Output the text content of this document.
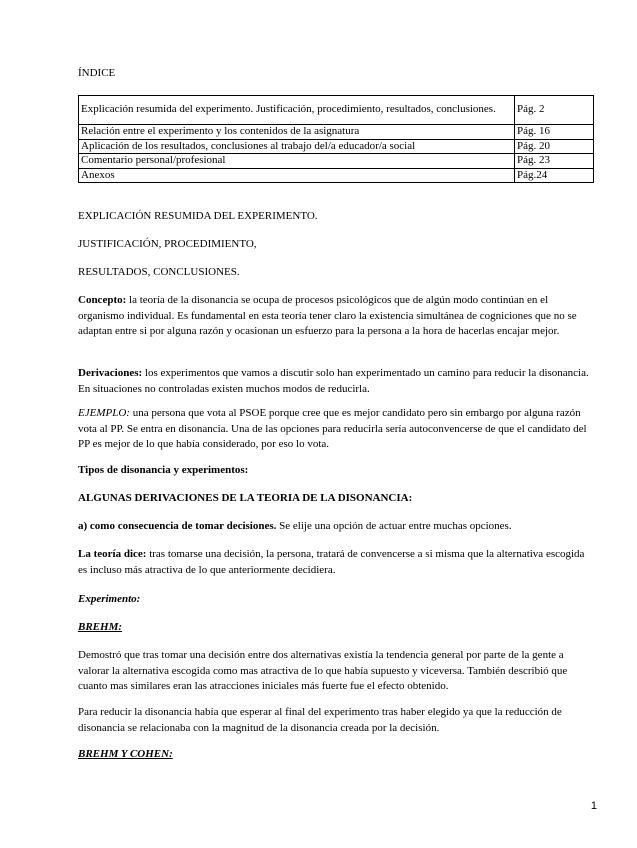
ÍNDICE

Explicación resumida del experimento. Justificación, procedimiento, resultados, conclusiones.	Pág. 2
Relación entre el experimento y los contenidos de la asignatura	Pág. 16
Aplicación de los resultados, conclusiones al trabajo del/a educador/a social	Pág. 20
Comentario personal/profesional	Pág. 23
Anexos	Pág.24

EXPLICACIÓN RESUMIDA DEL EXPERIMENTO.

JUSTIFICACIÓN, PROCEDIMIENTO,

RESULTADOS, CONCLUSIONES.

Concepto: la teoría de la disonancia se ocupa de procesos psicológicos que de algún modo continúan en el organismo individual. Es fundamental en esta teoría tener claro la existencia simultánea de cogniciones que no se adaptan entre si por alguna razón y ocasionan un esfuerzo para la persona a la hora de hacerlas encajar mejor.

Derivaciones: los experimentos que vamos a discutir solo han experimentado un camino para reducir la disonancia. En situaciones no controladas existen muchos modos de reducirla.

EJEMPLO: una persona que vota al PSOE porque cree que es mejor candidato pero sin embargo por alguna razón vota al PP. Se entra en disonancia. Una de las opciones para reducirla sería autoconvencerse de que el candidato del PP es mejor de lo que había considerado, por eso lo vota.

Tipos de disonancia y experimentos:

ALGUNAS DERIVACIONES DE LA TEORIA DE LA DISONANCIA:

a) como consecuencia de tomar decisiones. Se elije una opción de actuar entre muchas opciones.

La teoría dice: tras tomarse una decisión, la persona, tratará de convencerse a si misma que la alternativa escogida es incluso más atractiva de lo que anteriormente decidiera.

Experimento:

BREHM:

Demostró que tras tomar una decisión entre dos alternativas existía la tendencia general por parte de la gente a valorar la alternativa escogida como mas atractiva de lo que había supuesto y viceversa. También describió que cuanto mas similares eran las atracciones iniciales más fuerte fue el efecto obtenido.

Para reducir la disonancia había que esperar al final del experimento tras haber elegido ya que la reducción de disonancia se relacionaba con la magnitud de la disonancia creada por la decisión.

BREHM Y COHEN:

1
